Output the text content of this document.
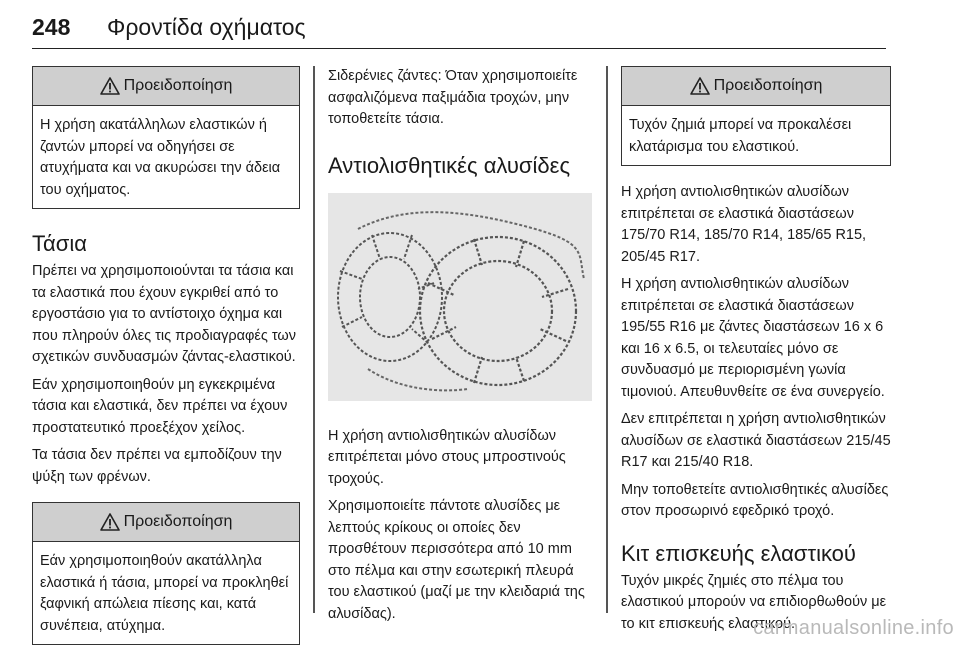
248 Φροντίδα οχήματος
Προειδοποίηση
Η χρήση ακατάλληλων ελαστικών ή ζαντών μπορεί να οδηγήσει σε ατυχήματα και να ακυρώσει την άδεια του οχήματος.
Τάσια

Πρέπει να χρησιμοποιούνται τα τάσια και τα ελαστικά που έχουν εγκριθεί από το εργοστάσιο για το αντίστοιχο όχημα και που πληρούν όλες τις προδιαγραφές των σχετικών συνδυασμών ζάντας-ελαστικού.

Εάν χρησιμοποιηθούν μη εγκεκριμένα τάσια και ελαστικά, δεν πρέπει να έχουν προστατευτικό προεξέχον χείλος.

Τα τάσια δεν πρέπει να εμποδίζουν την ψύξη των φρένων.

Προειδοποίηση
Εάν χρησιμοποιηθούν ακατάλληλα ελαστικά ή τάσια, μπορεί να προκληθεί ξαφνική απώλεια πίεσης και, κατά συνέπεια, ατύχημα.

Σιδερένιες ζάντες: Όταν χρησιμοποιείτε ασφαλιζόμενα παξιμάδια τροχών, μην τοποθετείτε τάσια.

Αντιολισθητικές αλυσίδες

Η χρήση αντιολισθητικών αλυσίδων επιτρέπεται μόνο στους μπροστινούς τροχούς.

Χρησιμοποιείτε πάντοτε αλυσίδες με λεπτούς κρίκους οι οποίες δεν προσθέτουν περισσότερα από 10 mm στο πέλμα και στην εσωτερική πλευρά του ελαστικού (μαζί με την κλειδαριά της αλυσίδας).

Προειδοποίηση
Τυχόν ζημιά μπορεί να προκαλέσει κλατάρισμα του ελαστικού.

Η χρήση αντιολισθητικών αλυσίδων επιτρέπεται σε ελαστικά διαστάσεων 175/70 R14, 185/70 R14, 185/65 R15, 205/45 R17.

Η χρήση αντιολισθητικών αλυσίδων επιτρέπεται σε ελαστικά διαστάσεων 195/55 R16 με ζάντες διαστάσεων 16 x 6 και 16 x 6.5, οι τελευταίες μόνο σε συνδυασμό με περιορισμένη γωνία τιμονιού. Απευθυνθείτε σε ένα συνεργείο.

Δεν επιτρέπεται η χρήση αντιολισθητικών αλυσίδων σε ελαστικά διαστάσεων 215/45 R17 και 215/40 R18.

Μην τοποθετείτε αντιολισθητικές αλυσίδες στον προσωρινό εφεδρικό τροχό.

Κιτ επισκευής ελαστικού

Τυχόν μικρές ζημιές στο πέλμα του ελαστικού μπορούν να επιδιορθωθούν με το κιτ επισκευής ελαστικού.

carmanualsonline.info
